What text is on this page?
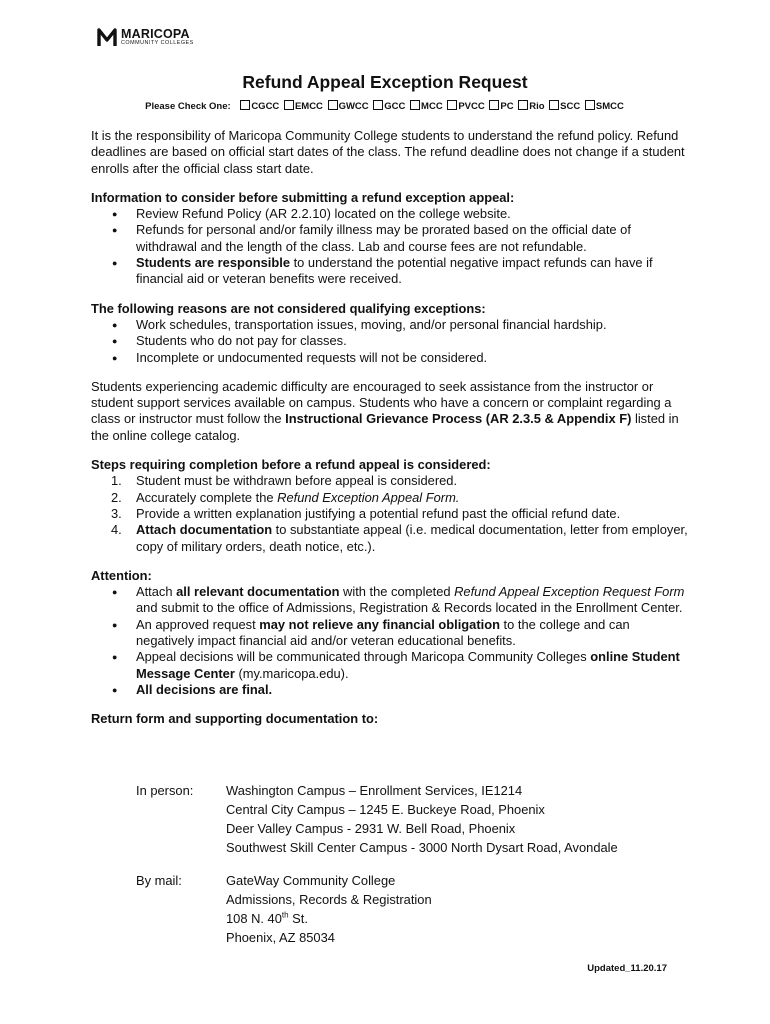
MARICOPA
COMMUNITY COLLEGES
Refund Appeal Exception Request
Please Check One: CGCC EMCC GWCC GCC MCC PVCC PC Rio SCC SMCC

It is the responsibility of Maricopa Community College students to understand the refund policy. Refund deadlines are based on official start dates of the class. The refund deadline does not change if a student enrolls after the official class start date.

Information to consider before submitting a refund exception appeal:

● Review Refund Policy (AR 2.2.10) located on the college website.
● Refunds for personal and/or family illness may be prorated based on the official date of withdrawal and the length of the class. Lab and course fees are not refundable.
● Students are responsible to understand the potential negative impact refunds can have if financial aid or veteran benefits were received.

The following reasons are not considered qualifying exceptions:

● Work schedules, transportation issues, moving, and/or personal financial hardship.
● Students who do not pay for classes.
● Incomplete or undocumented requests will not be considered.

Students experiencing academic difficulty are encouraged to seek assistance from the instructor or student support services available on campus. Students who have a concern or complaint regarding a class or instructor must follow the Instructional Grievance Process (AR 2.3.5 & Appendix F) listed in the online college catalog.

Steps requiring completion before a refund appeal is considered:

1. Student must be withdrawn before appeal is considered.
2. Accurately complete the Refund Exception Appeal Form.
3. Provide a written explanation justifying a potential refund past the official refund date.
4. Attach documentation to substantiate appeal (i.e. medical documentation, letter from employer, copy of military orders, death notice, etc.).

Attention:

● Attach all relevant documentation with the completed Refund Appeal Exception Request Form and submit to the office of Admissions, Registration & Records located in the Enrollment Center.
● An approved request may not relieve any financial obligation to the college and can negatively impact financial aid and/or veteran educational benefits.
● Appeal decisions will be communicated through Maricopa Community Colleges online Student Message Center (my.maricopa.edu).
● All decisions are final.

Return form and supporting documentation to:

In person:	Washington Campus – Enrollment Services, IE1214
Central City Campus – 1245 E. Buckeye Road, Phoenix
Deer Valley Campus - 2931 W. Bell Road, Phoenix
Southwest Skill Center Campus - 3000 North Dysart Road, Avondale
By mail:	GateWay Community College
Admissions, Records & Registration
108 N. 40th St.
Phoenix, AZ 85034
Updated_11.20.17
